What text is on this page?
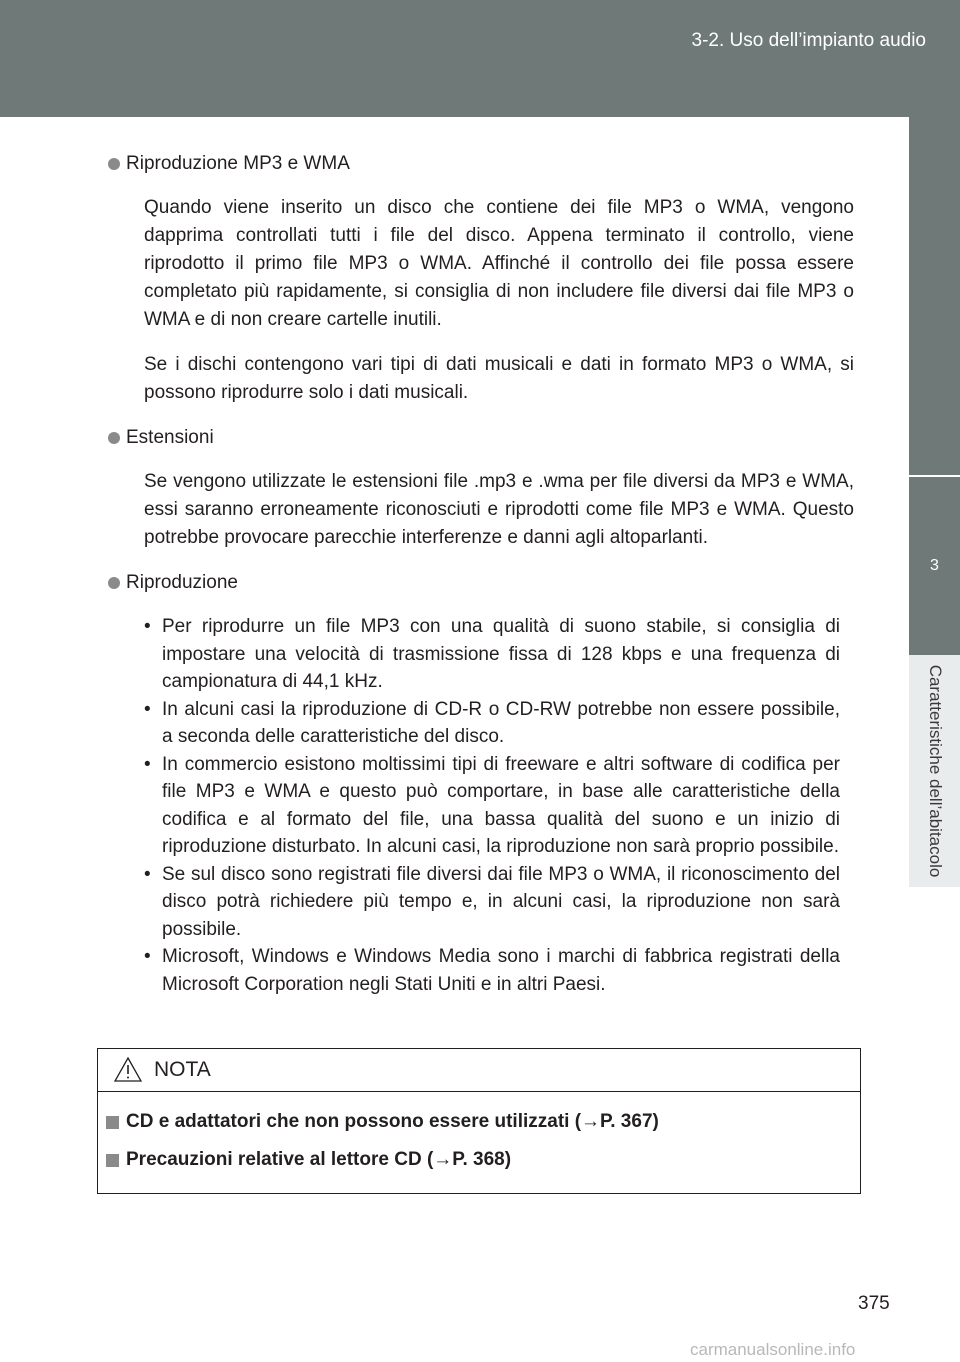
3-2. Uso dell’impianto audio
3
Caratteristiche dell’abitacolo
Riproduzione MP3 e WMA

Quando viene inserito un disco che contiene dei file MP3 o WMA, vengono dapprima controllati tutti i file del disco. Appena terminato il controllo, viene riprodotto il primo file MP3 o WMA. Affinché il controllo dei file possa essere completato più rapidamente, si consiglia di non includere file diversi dai file MP3 o WMA e di non creare cartelle inutili.

Se i dischi contengono vari tipi di dati musicali e dati in formato MP3 o WMA, si possono riprodurre solo i dati musicali.

Estensioni

Se vengono utilizzate le estensioni file .mp3 e .wma per file diversi da MP3 e WMA, essi saranno erroneamente riconosciuti e riprodotti come file MP3 e WMA. Questo potrebbe provocare parecchie interferenze e danni agli altoparlanti.

Riproduzione
• Per riprodurre un file MP3 con una qualità di suono stabile, si consiglia di impostare una velocità di trasmissione fissa di 128 kbps e una frequenza di campionatura di 44,1 kHz.
• In alcuni casi la riproduzione di CD-R o CD-RW potrebbe non essere possibile, a seconda delle caratteristiche del disco.
• In commercio esistono moltissimi tipi di freeware e altri software di codifica per file MP3 e WMA e questo può comportare, in base alle caratteristiche della codifica e al formato del file, una bassa qualità del suono e un inizio di riproduzione disturbato. In alcuni casi, la riproduzione non sarà proprio possibile.
• Se sul disco sono registrati file diversi dai file MP3 o WMA, il riconoscimento del disco potrà richiedere più tempo e, in alcuni casi, la riproduzione non sarà possibile.
• Microsoft, Windows e Windows Media sono i marchi di fabbrica registrati della Microsoft Corporation negli Stati Uniti e in altri Paesi.
NOTA
CD e adattatori che non possono essere utilizzati (→P. 367)
Precauzioni relative al lettore CD (→P. 368)
375
carmanualsonline.info
